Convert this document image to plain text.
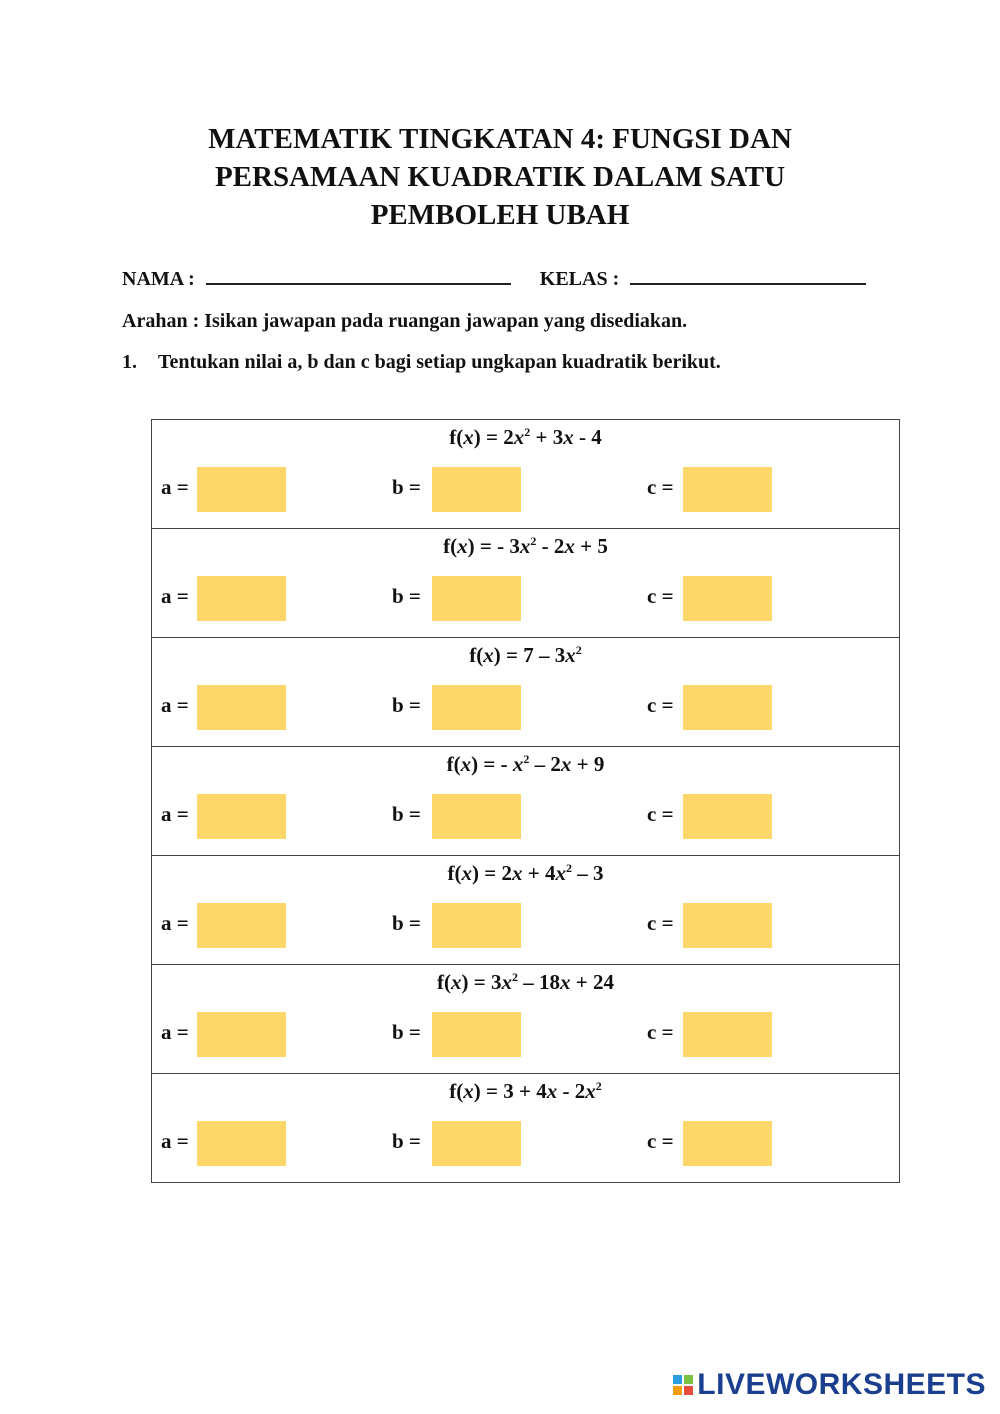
MATEMATIK TINGKATAN 4: FUNGSI DAN
PERSAMAAN KUADRATIK DALAM SATU
PEMBOLEH UBAH
NAMA :	KELAS :
Arahan : Isikan jawapan pada ruangan jawapan yang disediakan.
1. Tentukan nilai a, b dan c bagi setiap ungkapan kuadratik berikut.
$f(x) = 2x^2 + 3x - 4$
a =	b =	c =
f(x) = - $3x^2 - 2x + 5$
a =	b =	c =
$f(x) = 7 - 3x^2$
a =	b =	c =
f(x) = - $x^2 - 2x + 9$
a =	b =	c =
$f(x) = 2x + 4x^2 - 3$
a =	b =	c =
$f(x) = 3x^2 - 18x + 24$
a =	b =	c =
$f(x) = 3 + 4x - 2x^2$
a =	b =	c =
LIVEWORKSHEETS
